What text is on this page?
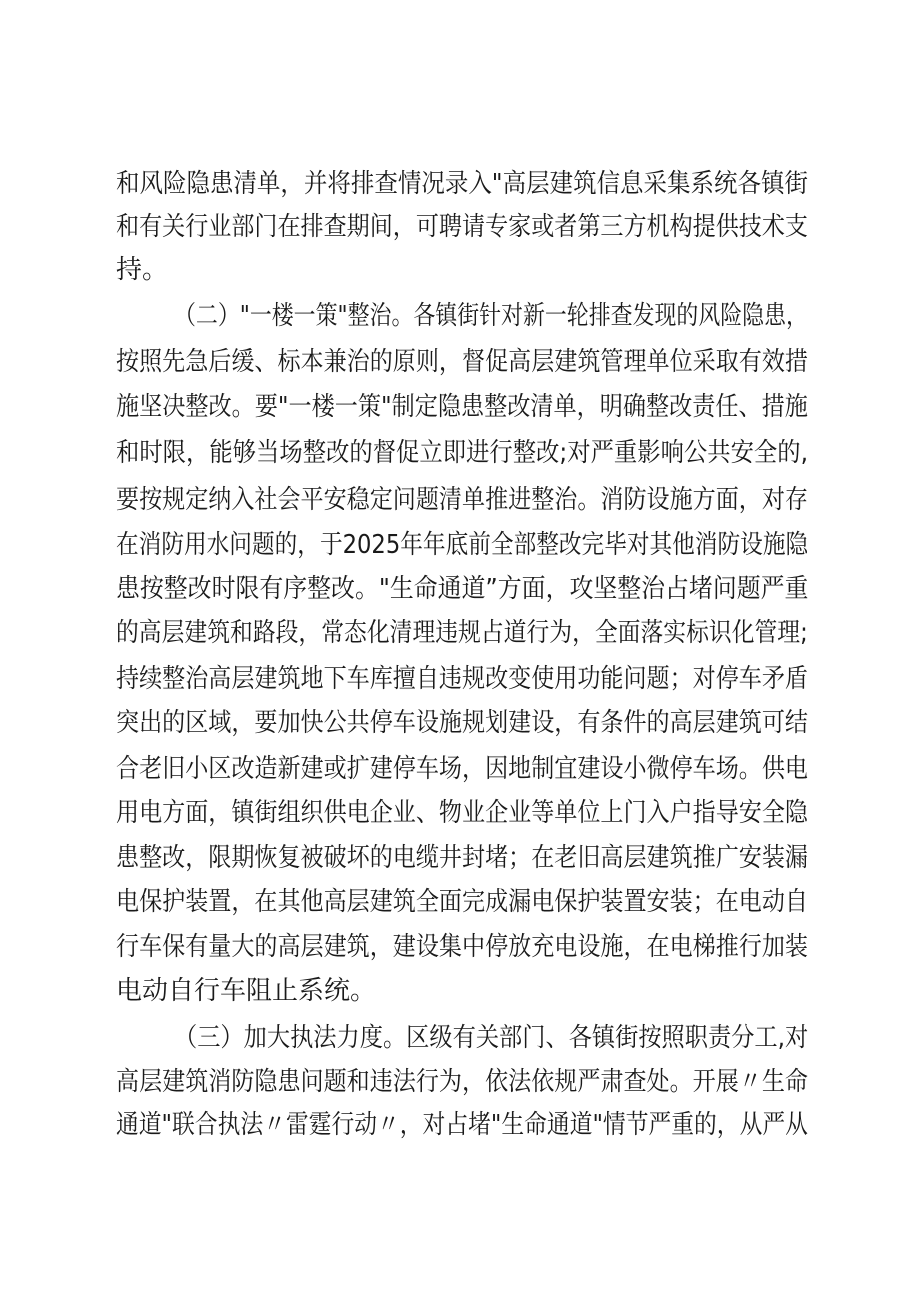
和风险隐患清单，并将排查情况录入"高层建筑信息采集系统各镇街
和有关行业部门在排查期间，可聘请专家或者第三方机构提供技术支
持。
（二）"一楼一策"整治。各镇街针对新一轮排查发现的风险隐患，
按照先急后缓、标本兼治的原则，督促高层建筑管理单位采取有效措
施坚决整改。要"一楼一策"制定隐患整改清单，明确整改责任、措施
和时限，能够当场整改的督促立即进行整改;对严重影响公共安全的,
要按规定纳入社会平安稳定问题清单推进整治。消防设施方面，对存
在消防用水问题的，于2025年年底前全部整改完毕对其他消防设施隐
患按整改时限有序整改。"生命通道”方面，攻坚整治占堵问题严重
的高层建筑和路段，常态化清理违规占道行为，全面落实标识化管理;
持续整治高层建筑地下车库擅自违规改变使用功能问题；对停车矛盾
突出的区域，要加快公共停车设施规划建设，有条件的高层建筑可结
合老旧小区改造新建或扩建停车场，因地制宜建设小微停车场。供电
用电方面，镇街组织供电企业、物业企业等单位上门入户指导安全隐
患整改，限期恢复被破坏的电缆井封堵；在老旧高层建筑推广安装漏
电保护装置，在其他高层建筑全面完成漏电保护装置安装；在电动自
行车保有量大的高层建筑，建设集中停放充电设施，在电梯推行加装
电动自行车阻止系统。
（三）加大执法力度。区级有关部门、各镇街按照职责分工,对
高层建筑消防隐患问题和违法行为，依法依规严肃查处。开展〃生命
通道"联合执法〃雷霆行动〃，对占堵"生命通道"情节严重的，从严从
